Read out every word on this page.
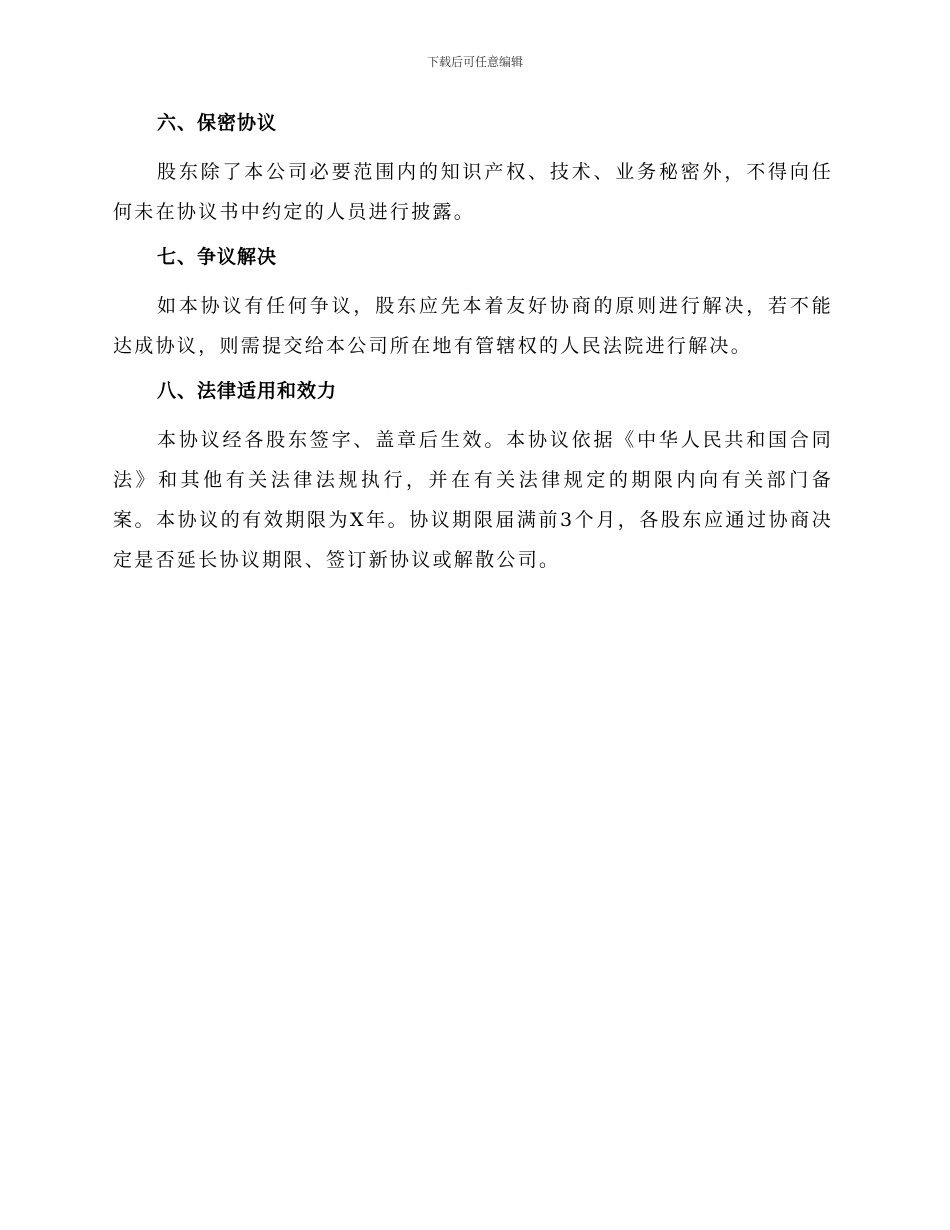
下载后可任意编辑
六、保密协议

股东除了本公司必要范围内的知识产权、技术、业务秘密外，不得向任何未在协议书中约定的人员进行披露。

七、争议解决

如本协议有任何争议，股东应先本着友好协商的原则进行解决，若不能达成协议，则需提交给本公司所在地有管辖权的人民法院进行解决。

八、法律适用和效力

本协议经各股东签字、盖章后生效。本协议依据《中华人民共和国合同法》和其他有关法律法规执行，并在有关法律规定的期限内向有关部门备案。本协议的有效期限为X年。协议期限届满前3个月，各股东应通过协商决定是否延长协议期限、签订新协议或解散公司。
